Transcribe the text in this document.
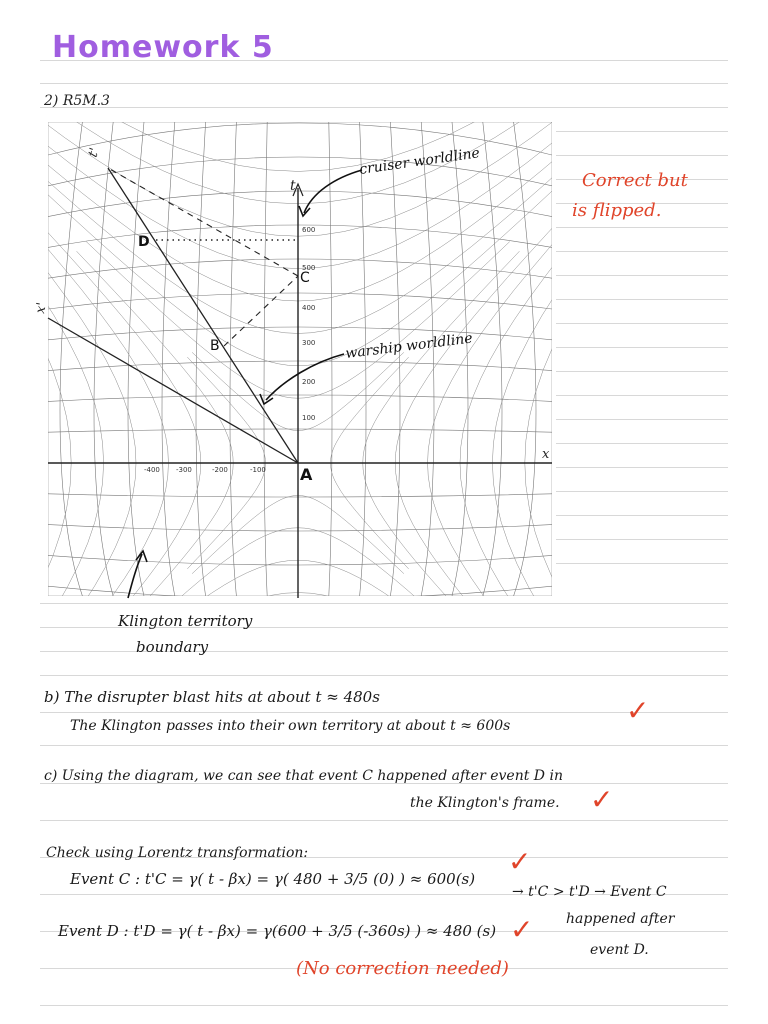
Homework 5
2) R5M.3
t
t'
x
x'
100
200
300
400
500
600
-400 -300	-200	-100 A
B
C
D
cruiser worldline
warship worldline
Klington territory
boundary
Correct but
is flipped.
b) The disrupter blast hits at about t ≈ 480s
The Klington passes into their own territory at about t ≈ 600s	✓
c) Using the diagram, we can see that event C happened after event D in
the Klington's frame. ✓
Check using Lorentz transformation:
Event C : t'C = γ( t - βx) = γ( 480 + 3/5 (0) ) ≈ 600(s)
✓
Event D : t'D = γ( t - βx) = γ(600 + 3/5 (-360s) ) ≈ 480 (s) ✓
→ t'C > t'D → Event C
happened after
event D.
(No correction needed)
